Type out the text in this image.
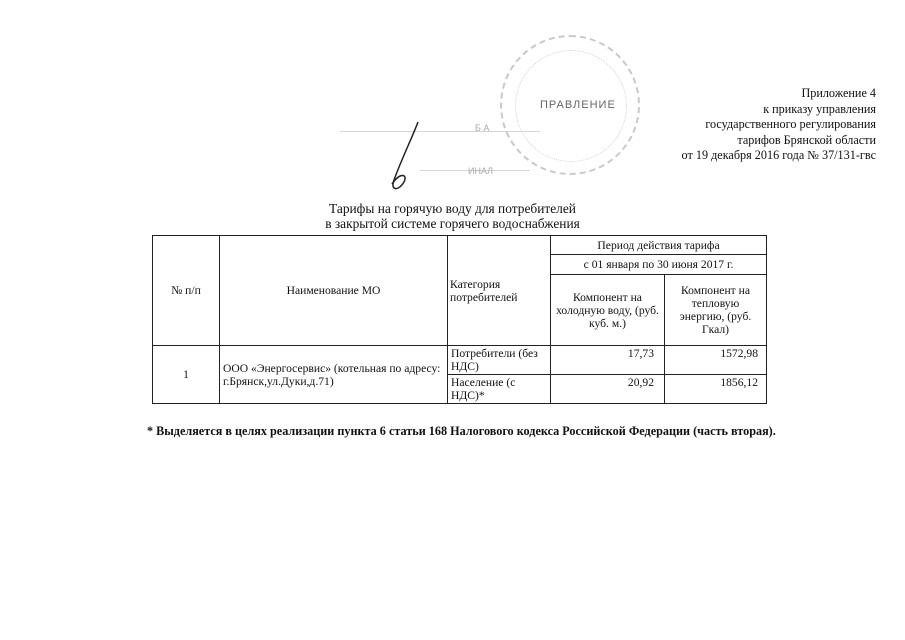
ПРАВЛЕНИЕ
Б А
ИНАЛ
Приложение 4
к приказу управления
государственного регулирования
тарифов Брянской области
от 19 декабря 2016 года № 37/131-гвс
Тарифы на горячую воду для потребителей
в закрытой системе горячего водоснабжения
№ п/п	Наименование МО	Категория потребителей	Период действия тарифа	
			с 01 января по 30 июня 2017 г.	
			Компонент на холодную воду, (руб. куб. м.)	Компонент на тепловую энергию, (руб. Гкал)
1	ООО «Энергосервис» (котельная по адресу: г.Брянск,ул.Дуки,д.71)	Потребители (без НДС)	17,73	1572,98
		Население (с НДС)*	20,92	1856,12
* Выделяется в целях реализации пункта 6 статьи 168 Налогового кодекса Российской Федерации (часть вторая).
